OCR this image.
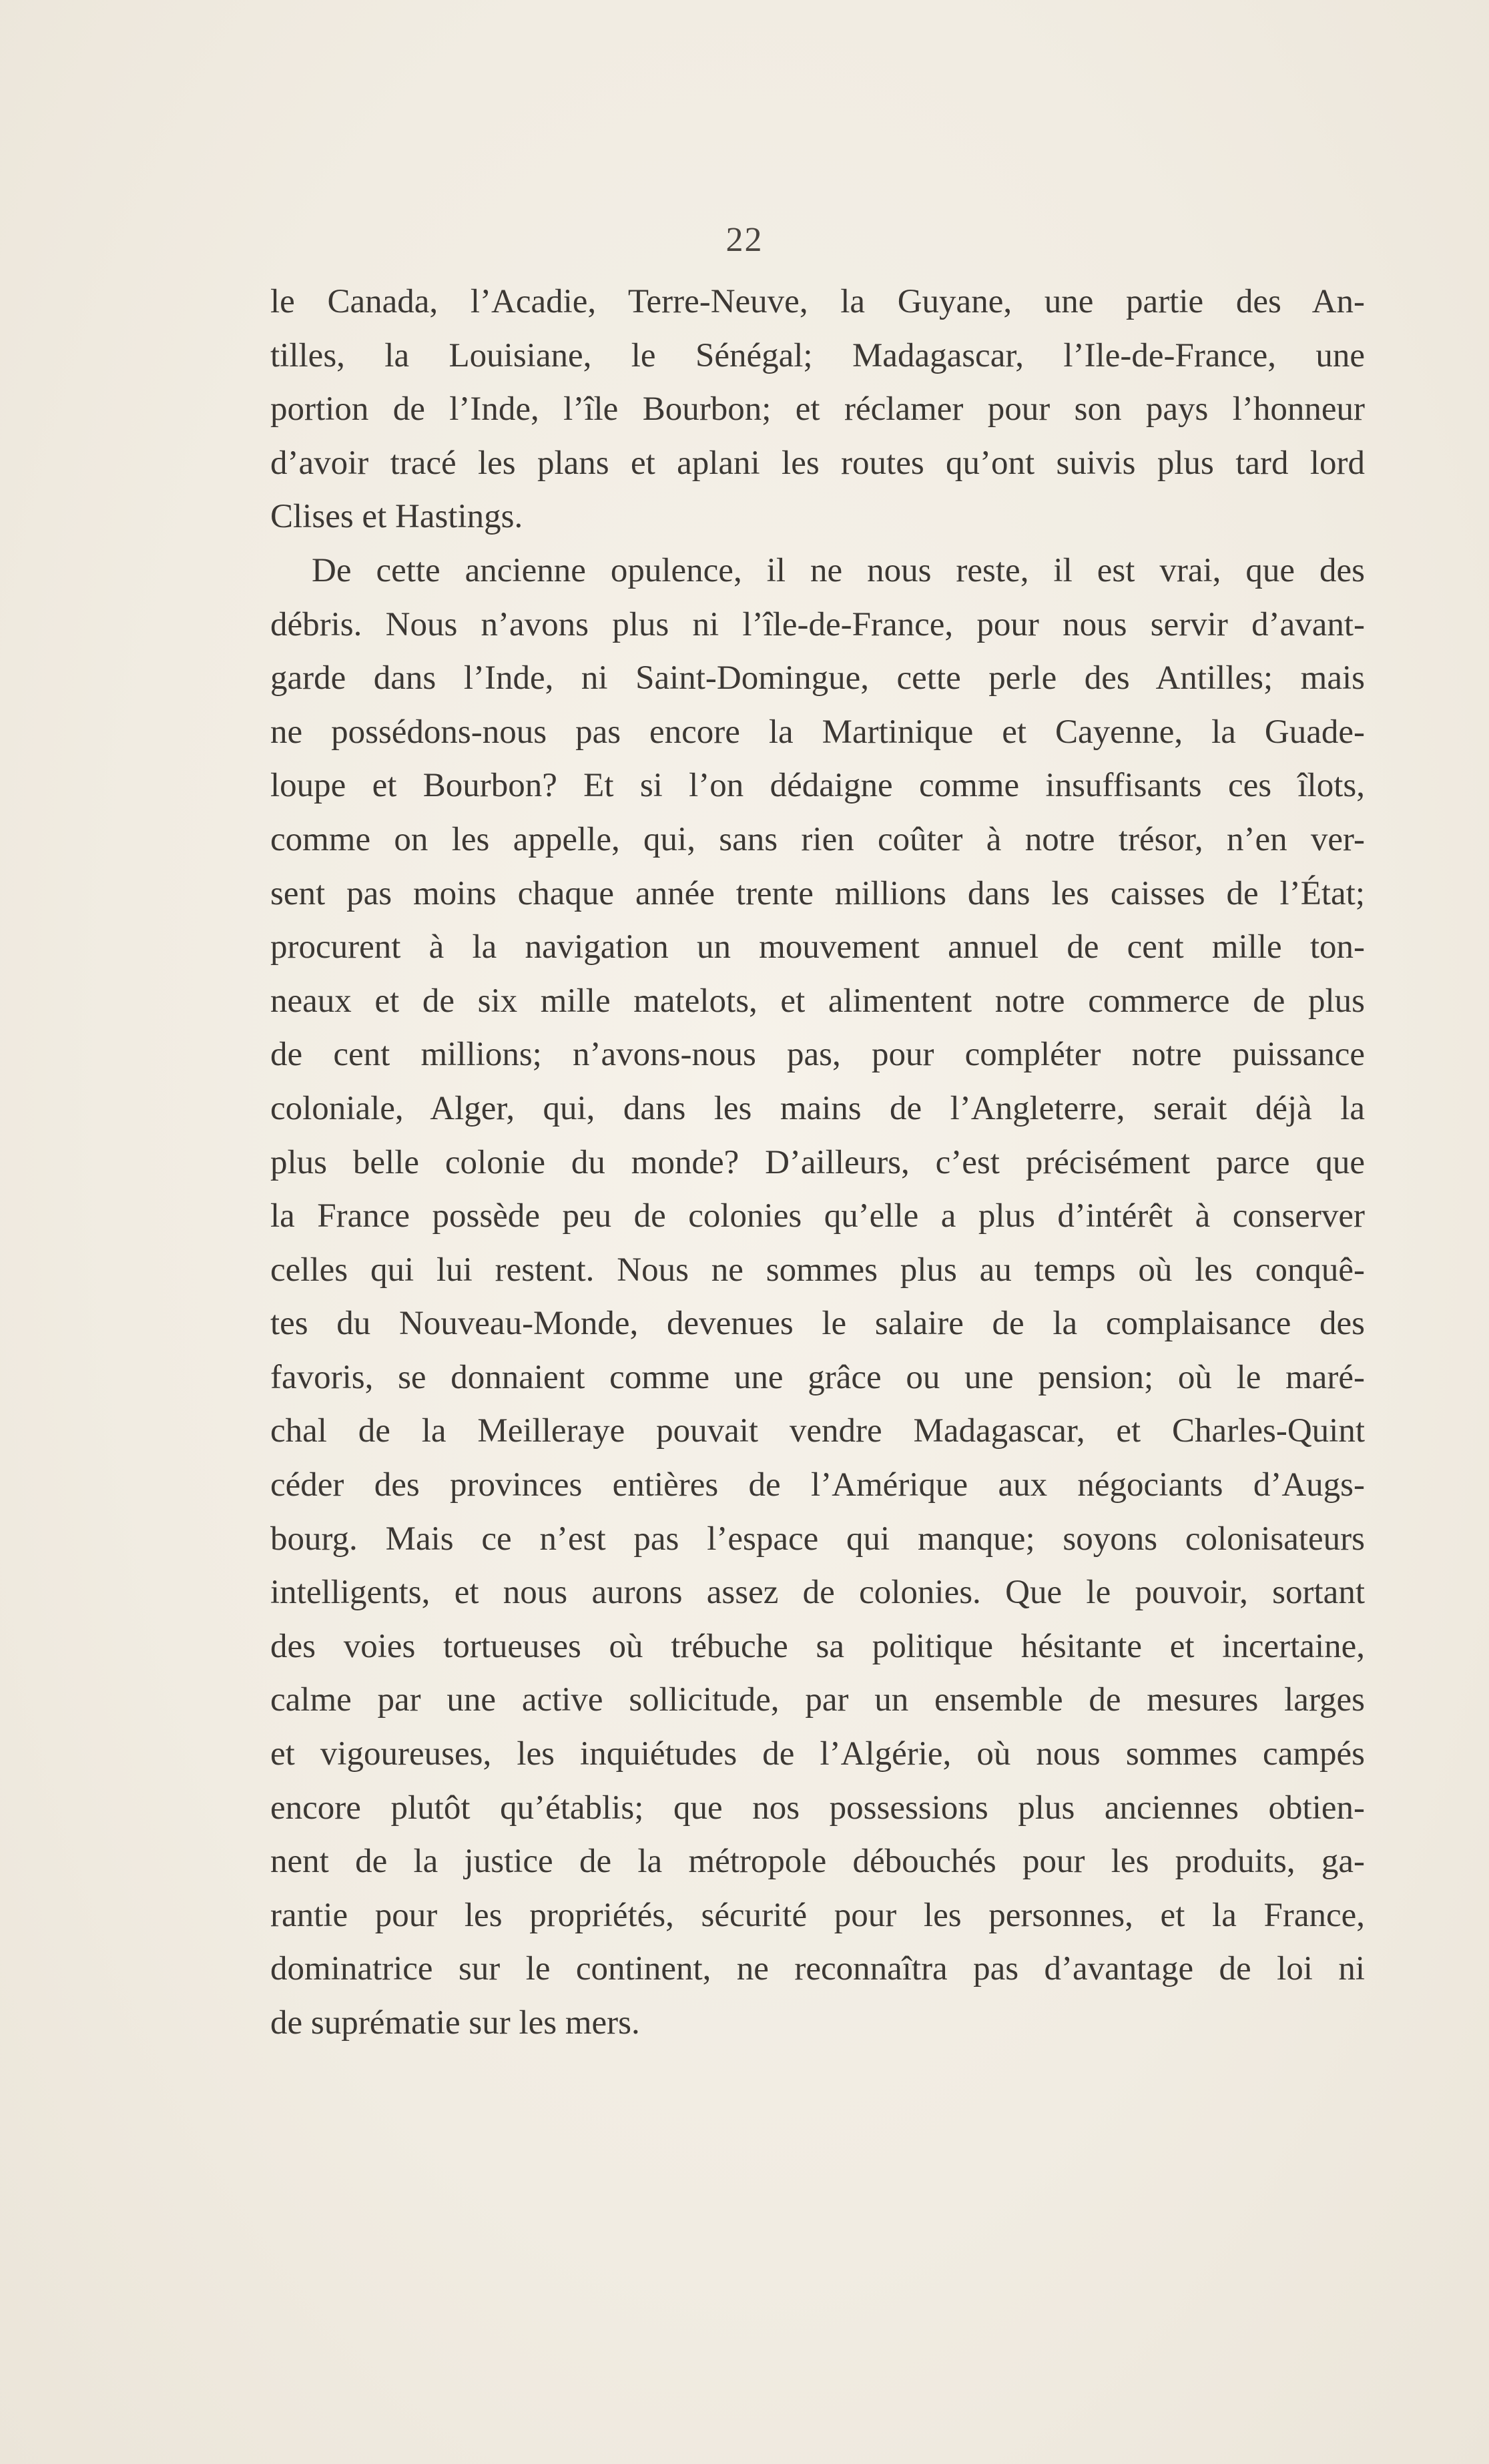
22
le Canada, l’Acadie, Terre-Neuve, la Guyane, une partie des An-
tilles, la Louisiane, le Sénégal; Madagascar, l’Ile-de-France, une
portion de l’Inde, l’île Bourbon; et réclamer pour son pays l’honneur
d’avoir tracé les plans et aplani les routes qu’ont suivis plus tard lord
Clises et Hastings.
De cette ancienne opulence, il ne nous reste, il est vrai, que des
débris. Nous n’avons plus ni l’île-de-France, pour nous servir d’avant-
garde dans l’Inde, ni Saint-Domingue, cette perle des Antilles; mais
ne possédons-nous pas encore la Martinique et Cayenne, la Guade-
loupe et Bourbon? Et si l’on dédaigne comme insuffisants ces îlots,
comme on les appelle, qui, sans rien coûter à notre trésor, n’en ver-
sent pas moins chaque année trente millions dans les caisses de l’État;
procurent à la navigation un mouvement annuel de cent mille ton-
neaux et de six mille matelots, et alimentent notre commerce de plus
de cent millions; n’avons-nous pas, pour compléter notre puissance
coloniale, Alger, qui, dans les mains de l’Angleterre, serait déjà la
plus belle colonie du monde? D’ailleurs, c’est précisément parce que
la France possède peu de colonies qu’elle a plus d’intérêt à conserver
celles qui lui restent. Nous ne sommes plus au temps où les conquê-
tes du Nouveau-Monde, devenues le salaire de la complaisance des
favoris, se donnaient comme une grâce ou une pension; où le maré-
chal de la Meilleraye pouvait vendre Madagascar, et Charles-Quint
céder des provinces entières de l’Amérique aux négociants d’Augs-
bourg. Mais ce n’est pas l’espace qui manque; soyons colonisateurs
intelligents, et nous aurons assez de colonies. Que le pouvoir, sortant
des voies tortueuses où trébuche sa politique hésitante et incertaine,
calme par une active sollicitude, par un ensemble de mesures larges
et vigoureuses, les inquiétudes de l’Algérie, où nous sommes campés
encore plutôt qu’établis; que nos possessions plus anciennes obtien-
nent de la justice de la métropole débouchés pour les produits, ga-
rantie pour les propriétés, sécurité pour les personnes, et la France,
dominatrice sur le continent, ne reconnaîtra pas d’avantage de loi ni
de suprématie sur les mers.
